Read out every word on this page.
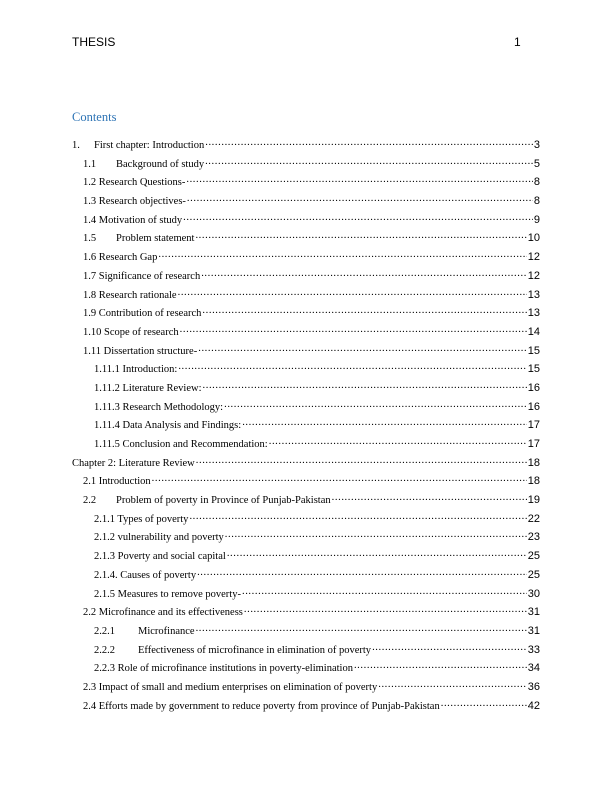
THESIS	1
Contents
1.	First chapter: Introduction .....	3
1.1	Background of study .....	5
1.2 Research Questions- .....	8
1.3 Research objectives- .....	8
1.4 Motivation of study .....	9
1.5	Problem statement .....	10
1.6 Research Gap .....	12
1.7 Significance of research .....	12
1.8 Research rationale .....	13
1.9 Contribution of research .....	13
1.10 Scope of research .....	14
1.11 Dissertation structure- .....	15
1.11.1 Introduction: .....	15
1.11.2 Literature Review: .....	16
1.11.3 Research Methodology: .....	16
1.11.4 Data Analysis and Findings: .....	17
1.11.5 Conclusion and Recommendation: .....	17
Chapter 2: Literature Review .....	18
2.1 Introduction .....	18
2.2	Problem of poverty in Province of Punjab-Pakistan .....	19
2.1.1 Types of poverty .....	22
2.1.2 vulnerability and poverty .....	23
2.1.3 Poverty and social capital .....	25
2.1.4. Causes of poverty .....	25
2.1.5 Measures to remove poverty- .....	30
2.2 Microfinance and its effectiveness .....	31
2.2.1	Microfinance .....	31
2.2.2	Effectiveness of microfinance in elimination of poverty .....	33
2.2.3 Role of microfinance institutions in poverty-elimination .....	34
2.3 Impact of small and medium enterprises on elimination of poverty .....	36
2.4 Efforts made by government to reduce poverty from province of Punjab-Pakistan .....	42
